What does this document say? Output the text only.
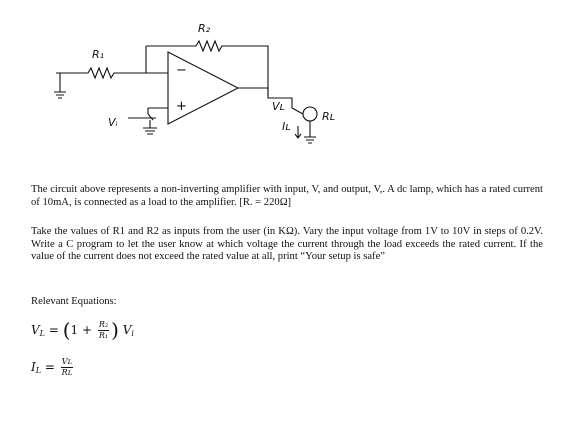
R₂
R₁
Vᵢ
Vʟ
Iʟ
Rʟ
+
−

The circuit above represents a non-inverting amplifier with input, V, and output, V,. A dc lamp, which has a rated current of 10mA, is connected as a load to the amplifier. [R. = 220Ω]

Take the values of R1 and R2 as inputs from the user (in KΩ). Vary the input voltage from 1V to 10V in steps of 0.2V. Write a C program to let the user know at which voltage the current through the load exceeds the rated current. If the value of the current does not exceed the rated value at all, print “Your setup is safe”

Relevant Equations:

$V_L = (1 + \frac{\text{R₂}}{\text{R₁}}$ ) $V_i$
$I_L = \frac{\text{Vʟ}}{\text{Rʟ}}$
